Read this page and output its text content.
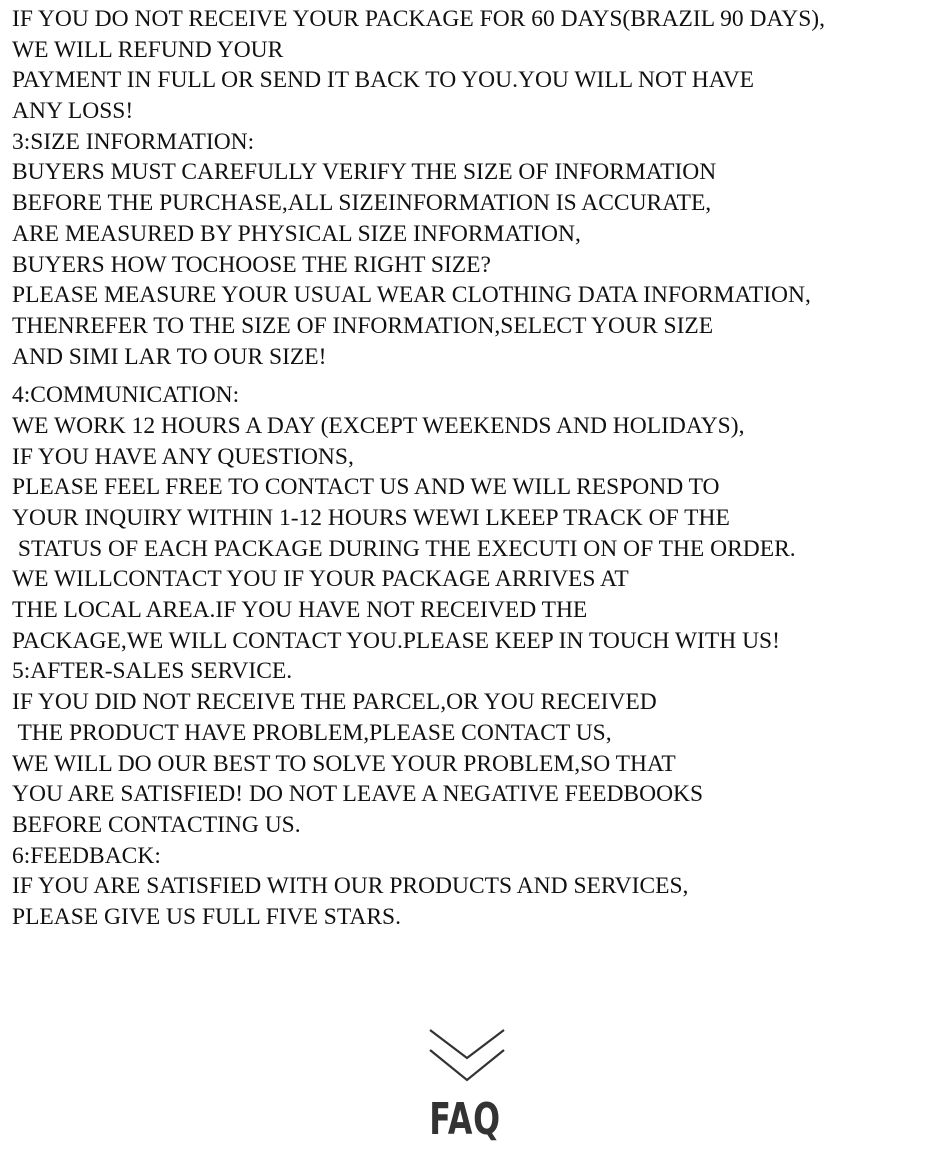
IF YOU DO NOT RECEIVE YOUR PACKAGE FOR 60 DAYS(BRAZIL 90 DAYS),
WE WILL REFUND YOUR
PAYMENT IN FULL OR SEND IT BACK TO YOU.YOU WILL NOT HAVE
ANY LOSS!
3:SIZE INFORMATION:
BUYERS MUST CAREFULLY VERIFY THE SIZE OF INFORMATION
BEFORE THE PURCHASE,ALL SIZEINFORMATION IS ACCURATE,
ARE MEASURED BY PHYSICAL SIZE INFORMATION,
BUYERS HOW TOCHOOSE THE RIGHT SIZE?
PLEASE MEASURE YOUR USUAL WEAR CLOTHING DATA INFORMATION,
THENREFER TO THE SIZE OF INFORMATION,SELECT YOUR SIZE
AND SIMI LAR TO OUR SIZE!
4:COMMUNICATION:
WE WORK 12 HOURS A DAY (EXCEPT WEEKENDS AND HOLIDAYS),
IF YOU HAVE ANY QUESTIONS,
PLEASE FEEL FREE TO CONTACT US AND WE WILL RESPOND TO
YOUR INQUIRY WITHIN 1-12 HOURS WEWI LKEEP TRACK OF THE
STATUS OF EACH PACKAGE DURING THE EXECUTI ON OF THE ORDER.
WE WILLCONTACT YOU IF YOUR PACKAGE ARRIVES AT
THE LOCAL AREA.IF YOU HAVE NOT RECEIVED THE
PACKAGE,WE WILL CONTACT YOU.PLEASE KEEP IN TOUCH WITH US!
5:AFTER-SALES SERVICE.
IF YOU DID NOT RECEIVE THE PARCEL,OR YOU RECEIVED
THE PRODUCT HAVE PROBLEM,PLEASE CONTACT US,
WE WILL DO OUR BEST TO SOLVE YOUR PROBLEM,SO THAT
YOU ARE SATISFIED! DO NOT LEAVE A NEGATIVE FEEDBOOKS
BEFORE CONTACTING US.
6:FEEDBACK:
IF YOU ARE SATISFIED WITH OUR PRODUCTS AND SERVICES,
PLEASE GIVE US FULL FIVE STARS.
FAQ
